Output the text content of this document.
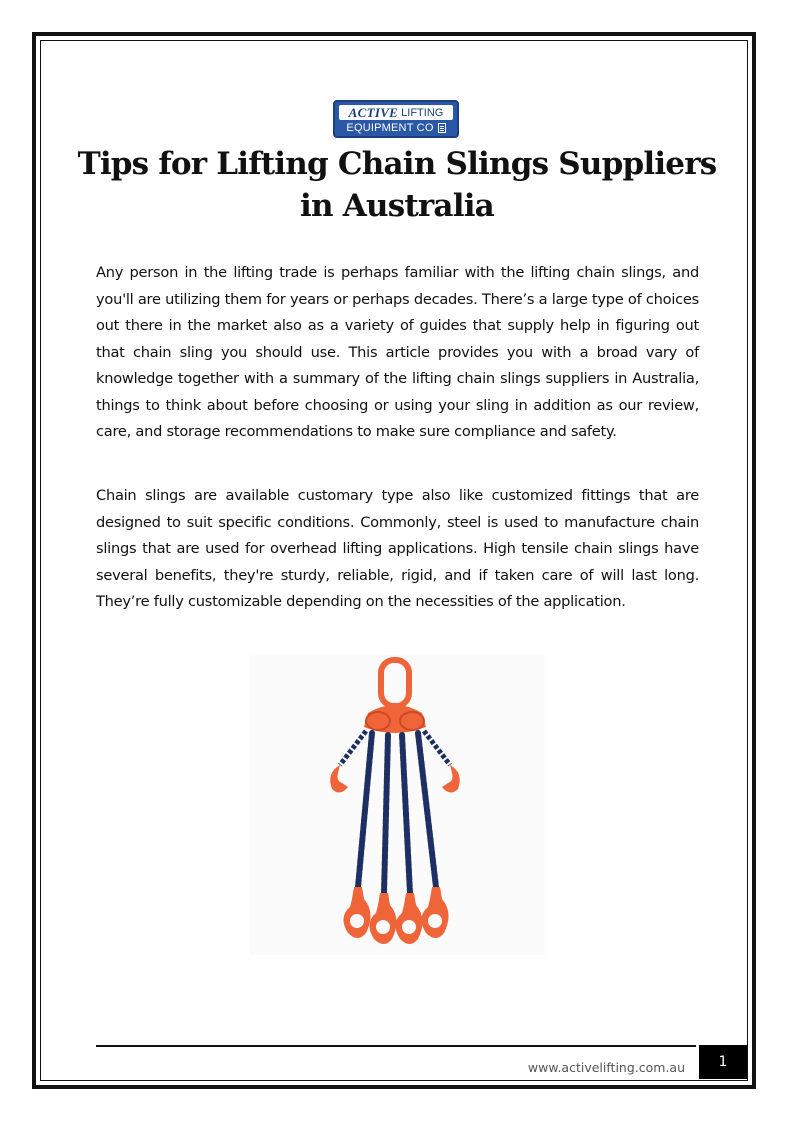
ACTIVE LIFTING
EQUIPMENT CO
Tips for Lifting Chain Slings Suppliers in Australia

Any person in the lifting trade is perhaps familiar with the lifting chain slings, and you'll are utilizing them for years or perhaps decades. There’s a large type of choices out there in the market also as a variety of guides that supply help in figuring out that chain sling you should use. This article provides you with a broad vary of knowledge together with a summary of the lifting chain slings suppliers in Australia, things to think about before choosing or using your sling in addition as our review, care, and storage recommendations to make sure compliance and safety.

Chain slings are available customary type also like customized fittings that are designed to suit specific conditions. Commonly, steel is used to manufacture chain slings that are used for overhead lifting applications. High tensile chain slings have several benefits, they're sturdy, reliable, rigid, and if taken care of will last long. They’re fully customizable depending on the necessities of the application.

www.activelifting.com.au	1
